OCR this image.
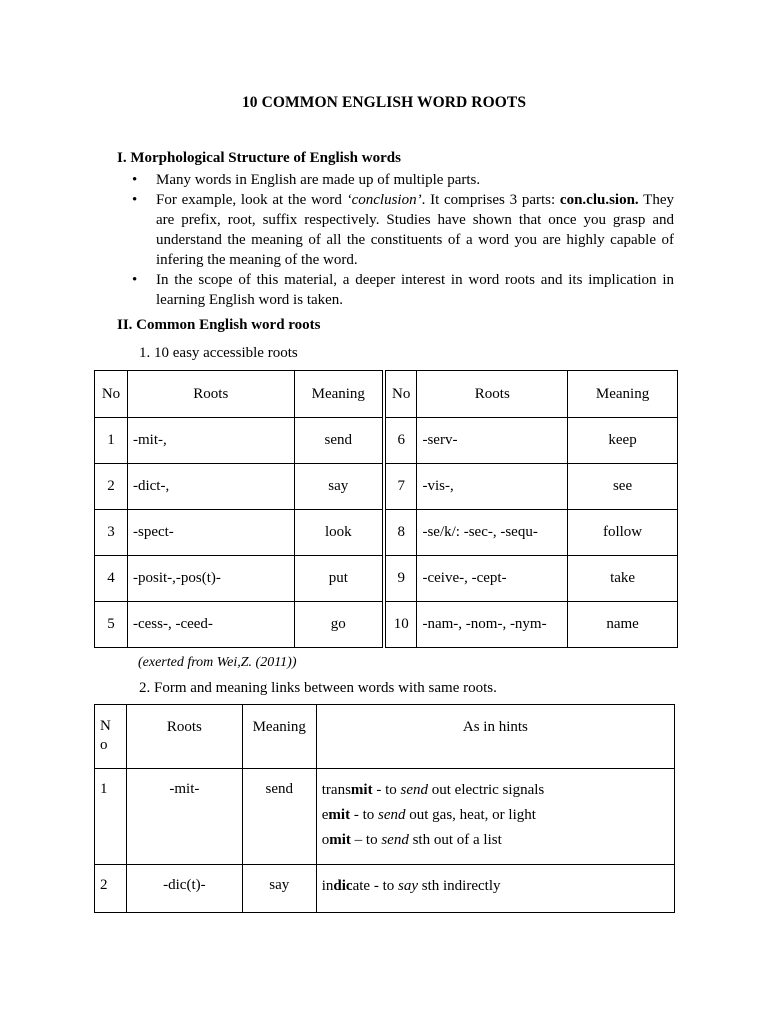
10 COMMON ENGLISH WORD ROOTS
I. Morphological Structure of English words
• Many words in English are made up of multiple parts.
• For example, look at the word ‘conclusion’. It comprises 3 parts: con.clu.sion. They are prefix, root, suffix respectively. Studies have shown that once you grasp and understand the meaning of all the constituents of a word you are highly capable of infering the meaning of the word.
• In the scope of this material, a deeper interest in word roots and its implication in learning English word is taken.
II. Common English word roots
1. 10 easy accessible roots
No	Roots	Meaning	No	Roots	Meaning
1	-mit-,	send	6	-serv-	keep
2	-dict-,	say	7	-vis-,	see
3	-spect-	look	8	-se/k/: -sec-, -sequ-	follow
4	-posit-,-pos(t)-	put	9	-ceive-, -cept-	take
5	-cess-, -ceed-	go	10	-nam-, -nom-, -nym-	name
(exerted from Wei,Z. (2011))
2. Form and meaning links between words with same roots.
N
o	Roots	Meaning	As in hints
1	-mit-	send	transmit - to send out electric signals
emit - to send out gas, heat, or light
omit – to send sth out of a list

2	-dic(t)-	say	indicate - to say sth indirectly
